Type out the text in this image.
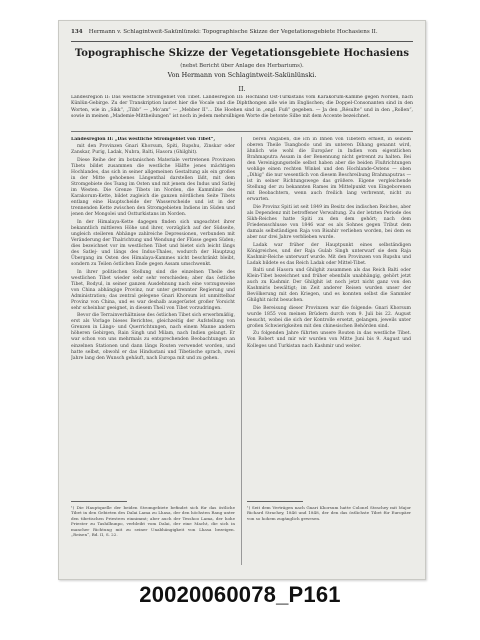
134 Hermann v. Schlagintweit-Sakünlünski: Topographische Skizze der Vegetationsgebiete Hochasiens II.
Topographische Skizze der Vegetationsgebiete Hochasiens
(nebst Bericht über Anlage des Herbariums).
Von Hermann von Schlagintweit-Sakünlünski.
II.
Landesregion II: Das westliche Stromgebiet von Tibet. Landesregion III: Hochland Ost-Turkistans vom Karakorum-Kamme gegen Norden, nach Künlün-Gebirge. Zu der Transkription lautet hier die Vocale und die Diphthongen alle wie im Englischen; die Doppel-Consonanten sind in den Worten, wie in „Sikk“, „Tibb“ — „Mo'am“ — „Mebber II“... Die Hoehen sind in „engl. Fuß“ gegeben. — Ja den „Résulte“ und in den „Rollen“, sowie in meinen „Mademie-Mittheilungen“ ist noch in jedem mehrsilbigen Worte die betonte Silbe mit dem Accente bezeichnet.

Landesregion II: „Das westliche Stromgebiet von Tibet“,

mit den Provinzen Gnari Khorsum, Spiti, Rupshu, Zinskar oder Zanskar, Purig, Ladak, Nubra, Balti, Hasora (Ghilghit).

Diese Reihe der im botanischen Materiale vertretenen Provinzen Tibets bildet zusammen die westliche Hälfte jenes mächtigen Hochlandes, das sich in seiner allgemeinen Gestaltung als ein großes in der Mitte gehobenes Längenthal darstellen läßt, mit dem Stromgebiete des Tsang im Osten und mit jenem des Indus und Satlej im Westen. Die Grenze Tibets im Norden, die Kammlinie des Karakorum-Kette, bildet zugleich die ganzen nördlichen Seite Tibets entlang eine Hauptscheide der Wasserscheide und ist in der trennenden Kette zwischen den Stromgebieten Indiens im Süden und jenen der Mongolei und Ostturkistans im Norden.

In der Himalaya-Kette dagegen finden sich ungeachtet ihrer bekanntlich mittleren Höhe und ihrer, vorzüglich auf der Südseite, ungleich steileren Abhänge zahlreiche Depressionen, verbunden mit Veränderung der Thalrichtung und Wendung der Flüsse gegen Süden; dies bezeichnet vor im westlichen Tibet und bietet sich leicht längs des Satlej- und längs des Indus-Thales, wodurch der Hauptzug Übergang im Osten des Himalaya-Kammes nicht beschränkt bleibt, sondern zu Teilen östlichen Ende gegen Assam umschwenkt.

In ihrer politischen Stellung sind die einzelnen Theile des westlichen Tibet wieder sehr sehr verschieden; aber das östliche Tibet, Bodyul, in seiner ganzen Ausdehnung nach eine vorzugsweise von China abhängige Provinz, nur unter getrennter Regierung und Administration; das zentral gelegene Gnari Khorsum ist unmittelbar Provinz von China, und es war deshalb ausgerüstet großer Vorsicht sehr scheinbar geeignet, in diesem Theil von Tibet vorzudringen.

Bevor die Terrainverhältnisse des östlichen Tibet sich erwerbmäßig, erst als Vorlage bieses Berichtes, gleichzeitig der Aufstellung von Grenzen in Längs- und Querrichtungen, nach einem Manne andern höheren Gebirgen, Rain Singh und Milam, nach Indien gelangt. Er war schon von uns mehrmals zu entsprechenden Beobachtungen an einzelnen Stationen und dann längs Routen verwendet worden, und hatte selbst, obwohl er das Hindustani und Tibetische sprach, zwei Jahre lang den Wunsch gehäuft, nach Europa mit und zu gehen.

beren Angaben, die ich in Ihnen von Tibetern erhielt, in seinem oberen Theile Tsangbodo und im unteren Dihang genannt wird, ähnlich wie wohl die Europäer in Indien vom eigentlichen Brahmaputra Assam in der Benennung nicht getrennt zu halten. Bei den Vereinigungsstelle selbst haben aber die beiden Flußrichtungen wohlige einen rechten Winkel und den Hochlande-Ostens — oben „Dihig“ die nur wesentlich von diesem Beschreibung Brahmaputras — ist in seiner Richtungswege das größere. Eigene vergleichende Stellung der zu bekannten Rames im Mittelpunkt von Eingeborenen mit Beobachtern, wenn auch freilich lang verbrennt, nicht zu erwarten.

Die Provinz Spiti ist seit 1849 im Besitz des indischen Reiches, aber als Dependenz mit betroffener Verwaltung. Zu der letzten Periode des Sikh-Reiches hatte Spiti zu den dem gehört; nach dem Friedensschlusse von 1846 war es als Sohnes gegen Tribut dem damals selbständigen Raja von Bisahir verliehen worden, bei dem es aber nur drei Jahre verblieben wurde.

Ladak war früher der Hauptpunkt eines selbständigen Königreiches, und der Raja Gulab Singh unterwarf sie dem Raja Kashmir-Reiche unterwarf wurde. Mit den Provinzen von Rupshu und Ladak bildete es das Reich Ladak oder Mittel-Tibet.

Balti und Hasora und Ghilghit zusammen als das Reich Balti oder Klein-Tibet bezeichnet und früher ebenfalls unabhängig, gehört jetzt auch zu Kashmir. Der Ghilghit ist noch jetzt nicht ganz von den Kashmiris bewältigt; im Zeit anderer Reisen wurden unser der Bevölkerung mit den Kriegen, und es konnten selbst die Sammler Ghilghit nicht besuchen.

Die Bereisung dieser Provinzen war die folgende: Gnari Khorsum wurde 1855 von meinen Brüdern durch vom 9. Juli bis 22. August besucht, wobei die sich der Kontrolle ersetzt, gelangen, jeweils unter großen Schwierigkeiten mit den chinesischen Behörden sind.

Zu folgenden Jahre führten unsere Routen in das westliche Tibet. Von Robert und mir wir wurden von Mitte Juni bis 9. August und Kolleges und Turkistan nach Kashmir und weiter.

¹) Die Hauptquelle der beiden Stromgebiete befindet sich für das östliche Tibet in den Gebieten des Dalai Lama zu Lhasa, der den höchsten Rang unter den tibetischen Priestern einnimmt; aber auch der Tesshoo Lama, der hohe Priester zu Tashilhunpo, verbleibt vom Dalai, der eine Macht, die sich in mancher Richtung mit zu seiner Unabhängigkeit von Lhasa bezeigen. „Reisen“, Bd. II, S. 22.
¹) Seit dem Verträgen nach Gnari Khorsum hatte Colonel Strachey mit Major Richard Strachey, 1846 und 1848, der den das östlichste Tibet für Europäer von so hohem zugänglich gewesen.
20020060078_P161
